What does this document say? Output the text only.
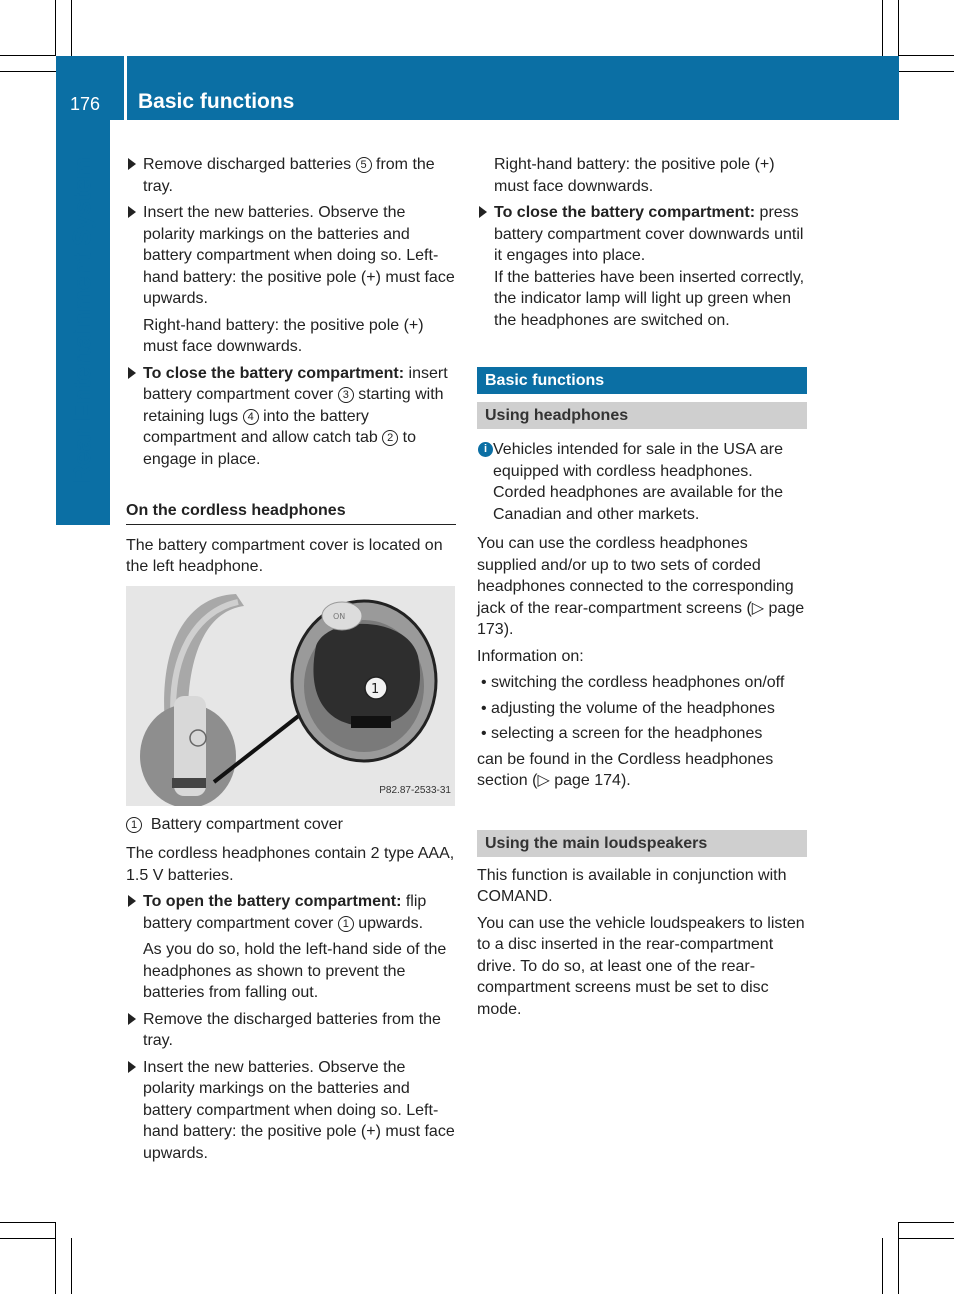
176	Basic functions
Rear Entertainment System	Remove discharged batteries 5 from the tray.
Insert the new batteries. Observe the polarity markings on the batteries and battery compartment when doing so. Left-hand battery: the positive pole (+) must face upwards.
Right-hand battery: the positive pole (+) must face downwards.
To close the battery compartment: insert battery compartment cover 3 starting with retaining lugs 4 into the battery compartment and allow catch tab 2 to engage in place.
On the cordless headphones

The battery compartment cover is located on the left headphone.

ON
1
P82.87-2533-31

1 Battery compartment cover

The cordless headphones contain 2 type AAA, 1.5 V batteries.

To open the battery compartment: flip battery compartment cover 1 upwards.
As you do so, hold the left-hand side of the headphones as shown to prevent the batteries from falling out.
Remove the discharged batteries from the tray.
Insert the new batteries. Observe the polarity markings on the batteries and battery compartment when doing so. Left-hand battery: the positive pole (+) must face upwards.
Right-hand battery: the positive pole (+) must face downwards.
To close the battery compartment: press battery compartment cover downwards until it engages into place.
If the batteries have been inserted correctly, the indicator lamp will light up green when the headphones are switched on.
Basic functions
Using headphones
i Vehicles intended for sale in the USA are equipped with cordless headphones. Corded headphones are available for the Canadian and other markets.

You can use the cordless headphones supplied and/or up to two sets of corded headphones connected to the corresponding jack of the rear-compartment screens (▷ page 173).

Information on:

• switching the cordless headphones on/off
• adjusting the volume of the headphones
• selecting a screen for the headphones

can be found in the Cordless headphones section (▷ page 174).

Using the main loudspeakers

This function is available in conjunction with COMAND.

You can use the vehicle loudspeakers to listen to a disc inserted in the rear-compartment drive. To do so, at least one of the rear-compartment screens must be set to disc mode.
